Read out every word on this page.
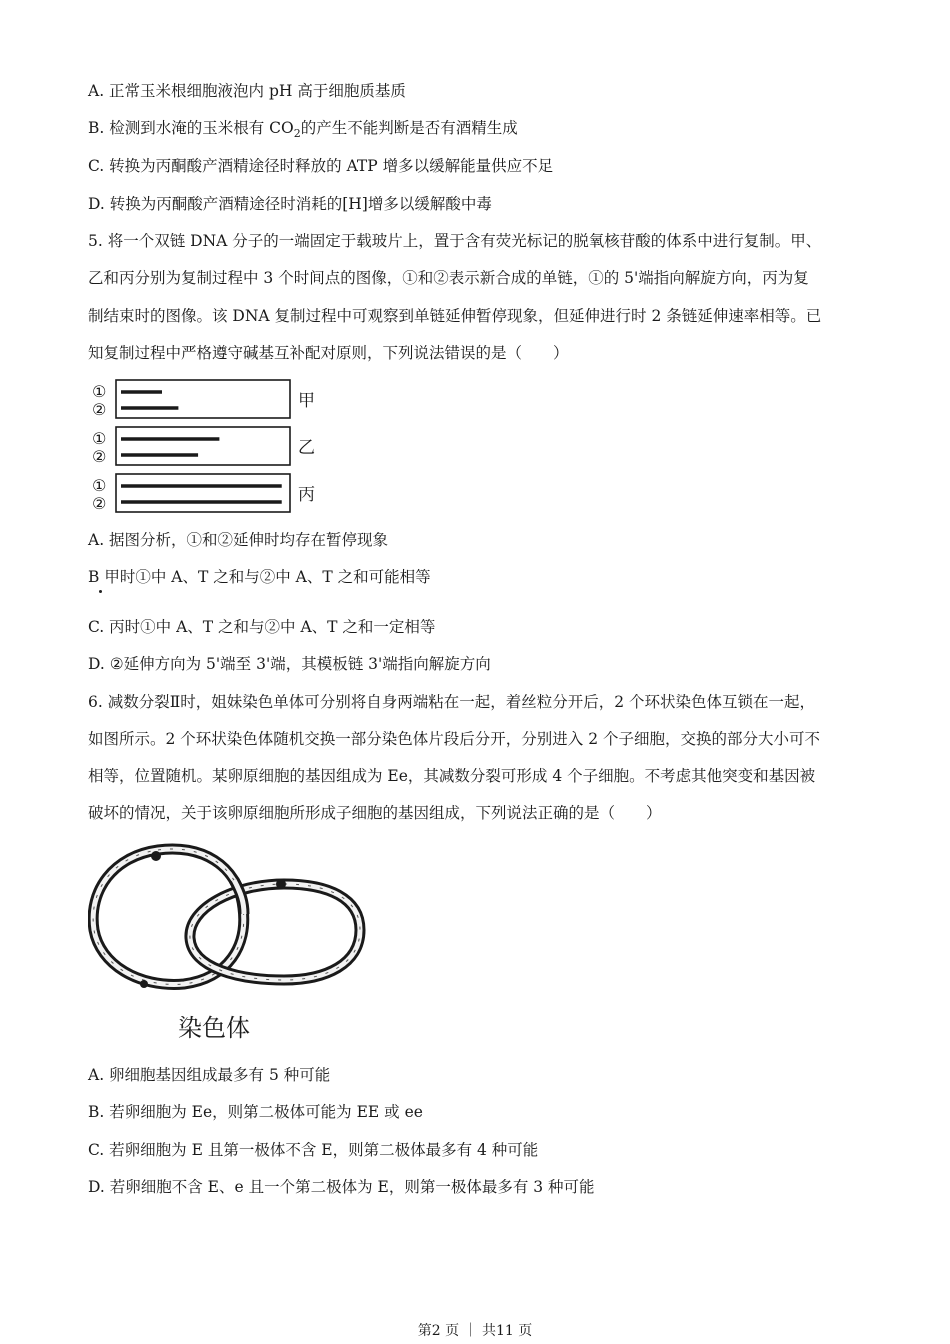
A. 正常玉米根细胞液泡内 pH 高于细胞质基质
B. 检测到水淹的玉米根有 $CO_2$的产生不能判断是否有酒精生成
C. 转换为丙酮酸产酒精途径时释放的 ATP 增多以缓解能量供应不足
D. 转换为丙酮酸产酒精途径时消耗的[H]增多以缓解酸中毒
5. 将一个双链 DNA 分子的一端固定于载玻片上，置于含有荧光标记的脱氧核苷酸的体系中进行复制。甲、
乙和丙分别为复制过程中 3 个时间点的图像，①和②表示新合成的单链，①的 5'端指向解旋方向，丙为复
制结束时的图像。该 DNA 复制过程中可观察到单链延伸暂停现象，但延伸进行时 2 条链延伸速率相等。已
知复制过程中严格遵守碱基互补配对原则，下列说法错误的是（　　）
①
②	甲
①
②	乙
①
②	丙
A. 据图分析，①和②延伸时均存在暂停现象
B 甲时①中 A、T 之和与②中 A、T 之和可能相等
C. 丙时①中 A、T 之和与②中 A、T 之和一定相等
D. ②延伸方向为 5'端至 3'端，其模板链 3'端指向解旋方向
6. 减数分裂Ⅱ时，姐妹染色单体可分别将自身两端粘在一起，着丝粒分开后，2 个环状染色体互锁在一起，
如图所示。2 个环状染色体随机交换一部分染色体片段后分开，分别进入 2 个子细胞，交换的部分大小可不
相等，位置随机。某卵原细胞的基因组成为 Ee，其减数分裂可形成 4 个子细胞。不考虑其他突变和基因被
破坏的情况，关于该卵原细胞所形成子细胞的基因组成，下列说法正确的是（　　）
染色体
A. 卵细胞基因组成最多有 5 种可能
B. 若卵细胞为 Ee，则第二极体可能为 EE 或 ee
C. 若卵细胞为 E 且第一极体不含 E，则第二极体最多有 4 种可能
D. 若卵细胞不含 E、e 且一个第二极体为 E，则第一极体最多有 3 种可能
第2 页 ｜ 共11 页
